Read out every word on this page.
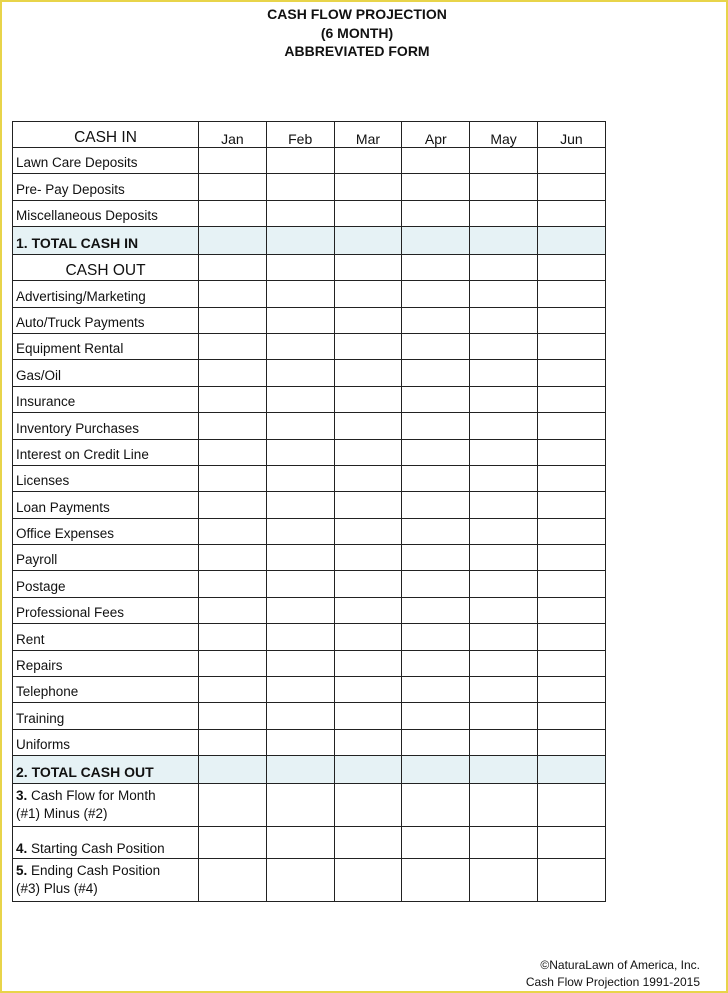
CASH FLOW PROJECTION
(6 MONTH)
ABBREVIATED FORM
CASH IN	Jan	Feb	Mar	Apr	May	Jun
Lawn Care Deposits						
Pre- Pay Deposits						
Miscellaneous Deposits						
1. TOTAL CASH IN						
CASH OUT						
Advertising/Marketing						
Auto/Truck Payments						
Equipment Rental						
Gas/Oil						
Insurance						
Inventory Purchases						
Interest on Credit Line						
Licenses						
Loan Payments						
Office Expenses						
Payroll						
Postage						
Professional Fees						
Rent						
Repairs						
Telephone						
Training						
Uniforms						
2. TOTAL CASH OUT						
3. Cash Flow for Month
(#1) Minus (#2)						
4. Starting Cash Position						
5. Ending Cash Position
(#3) Plus (#4)						
©NaturaLawn of America, Inc.
Cash Flow Projection 1991-2015
